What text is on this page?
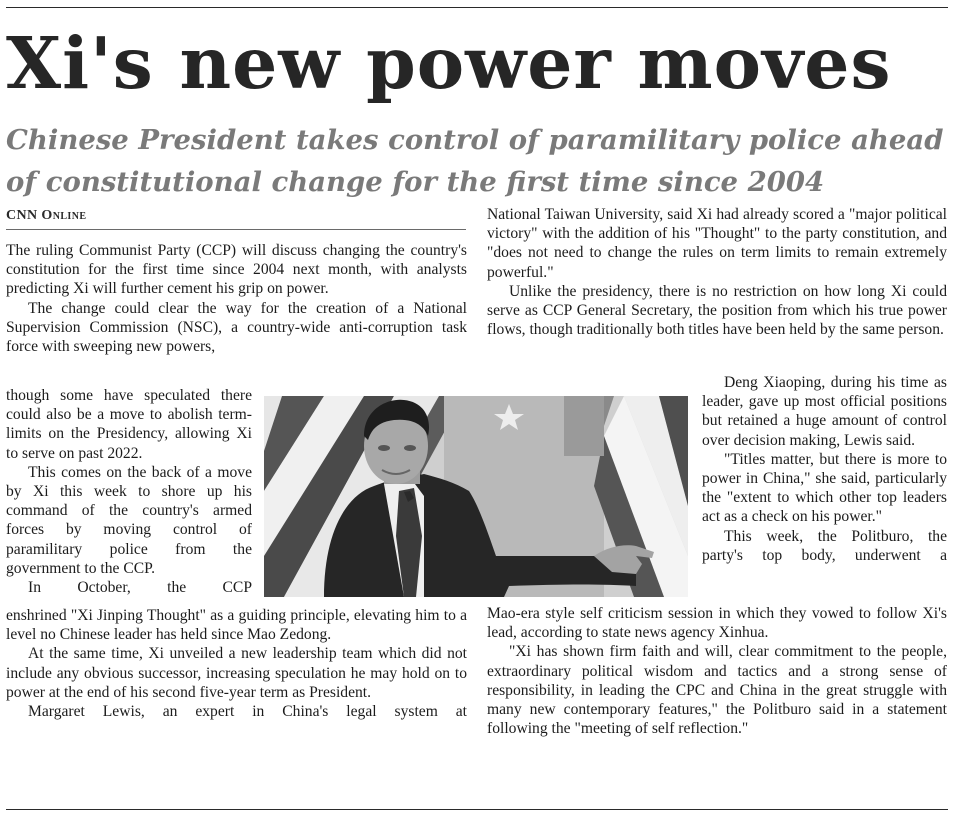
Xi's new power moves
Chinese President takes control of paramilitary police ahead of constitutional change for the first time since 2004
CNN Online

The ruling Communist Party (CCP) will discuss changing the country's constitution for the first time since 2004 next month, with analysts predicting Xi will further cement his grip on power.

The change could clear the way for the creation of a National Supervision Commission (NSC), a country-wide anti-corruption task force with sweeping new powers,

though some have speculated there could also be a move to abolish term-limits on the Presidency, allowing Xi to serve on past 2022.

This comes on the back of a move by Xi this week to shore up his command of the country's armed forces by moving control of paramilitary police from the government to the CCP.

In October, the CCP

enshrined "Xi Jinping Thought" as a guiding principle, elevating him to a level no Chinese leader has held since Mao Zedong.

At the same time, Xi unveiled a new leadership team which did not include any obvious successor, increasing speculation he may hold on to power at the end of his second five-year term as President.

Margaret Lewis, an expert in China's legal system at

National Taiwan University, said Xi had already scored a "major political victory" with the addition of his "Thought" to the party constitution, and "does not need to change the rules on term limits to remain extremely powerful."

Unlike the presidency, there is no restriction on how long Xi could serve as CCP General Secretary, the position from which his true power flows, though traditionally both titles have been held by the same person.

Deng Xiaoping, during his time as leader, gave up most official positions but retained a huge amount of control over decision making, Lewis said.

"Titles matter, but there is more to power in China," she said, particularly the "extent to which other top leaders act as a check on his power."

This week, the Politburo, the party's top body, underwent a

Mao-era style self criticism session in which they vowed to follow Xi's lead, according to state news agency Xinhua.

"Xi has shown firm faith and will, clear commitment to the people, extraordinary political wisdom and tactics and a strong sense of responsibility, in leading the CPC and China in the great struggle with many new contemporary features," the Politburo said in a statement following the "meeting of self reflection."
